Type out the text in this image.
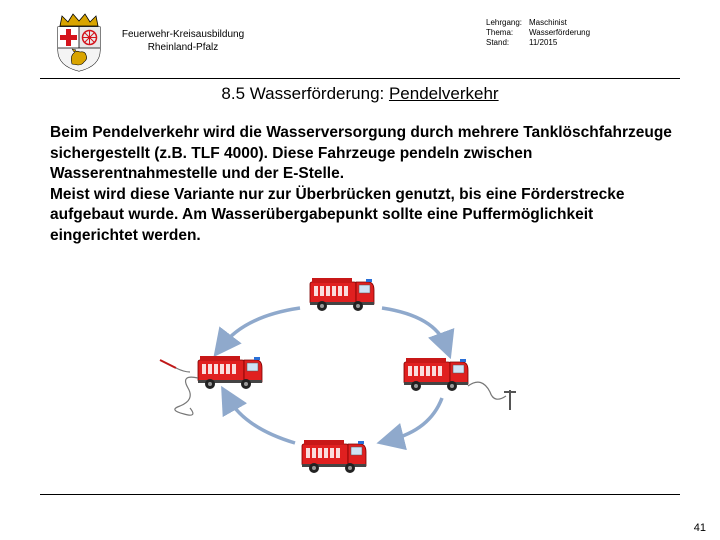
Feuerwehr-Kreisausbildung
Rheinland-Pfalz
Lehrgang: Maschinist
Thema:	Wasserförderung
Stand:	11/2015
8.5 Wasserförderung: Pendelverkehr

Beim Pendelverkehr wird die Wasserversorgung durch mehrere Tanklöschfahrzeuge sichergestellt (z.B. TLF 4000). Diese Fahrzeuge pendeln zwischen Wasserentnahmestelle und der E-Stelle.

Meist wird diese Variante nur zur Überbrücken genutzt, bis eine Förderstrecke aufgebaut wurde. Am Wasserübergabepunkt sollte eine Puffermöglichkeit eingerichtet werden.

41
